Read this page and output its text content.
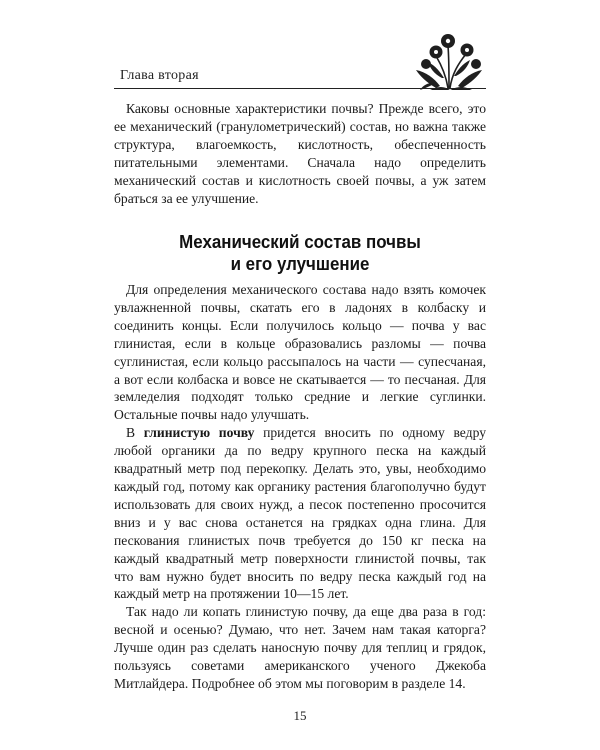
Глава вторая

Каковы основные характеристики почвы? Прежде всего, это ее механический (гранулометрический) состав, но важна также структура, влагоемкость, кислотность, обеспеченность питательными элементами. Сначала надо определить механический состав и кислотность своей почвы, а уж затем браться за ее улучшение.

Механический состав почвы
и его улучшение

Для определения механического состава надо взять комочек увлажненной почвы, скатать его в ладонях в колбаску и соединить концы. Если получилось кольцо — почва у вас глинистая, если в кольце образовались разломы — почва суглинистая, если кольцо рассыпалось на части — супесчаная, а вот если колбаска и вовсе не скатывается — то песчаная. Для земледелия подходят только средние и легкие суглинки. Остальные почвы надо улучшать.

В глинистую почву придется вносить по одному ведру любой органики да по ведру крупного песка на каждый квадратный метр под перекопку. Делать это, увы, необходимо каждый год, потому как органику растения благополучно будут использовать для своих нужд, а песок постепенно просочится вниз и у вас снова останется на грядках одна глина. Для пескования глинистых почв требуется до 150 кг песка на каждый квадратный метр поверхности глинистой почвы, так что вам нужно будет вносить по ведру песка каждый год на каждый метр на протяжении 10—15 лет.

Так надо ли копать глинистую почву, да еще два раза в год: весной и осенью? Думаю, что нет. Зачем нам такая каторга? Лучше один раз сделать наносную почву для теплиц и грядок, пользуясь советами американского ученого Джекоба Митлайдера. Подробнее об этом мы поговорим в разделе 14.

15
